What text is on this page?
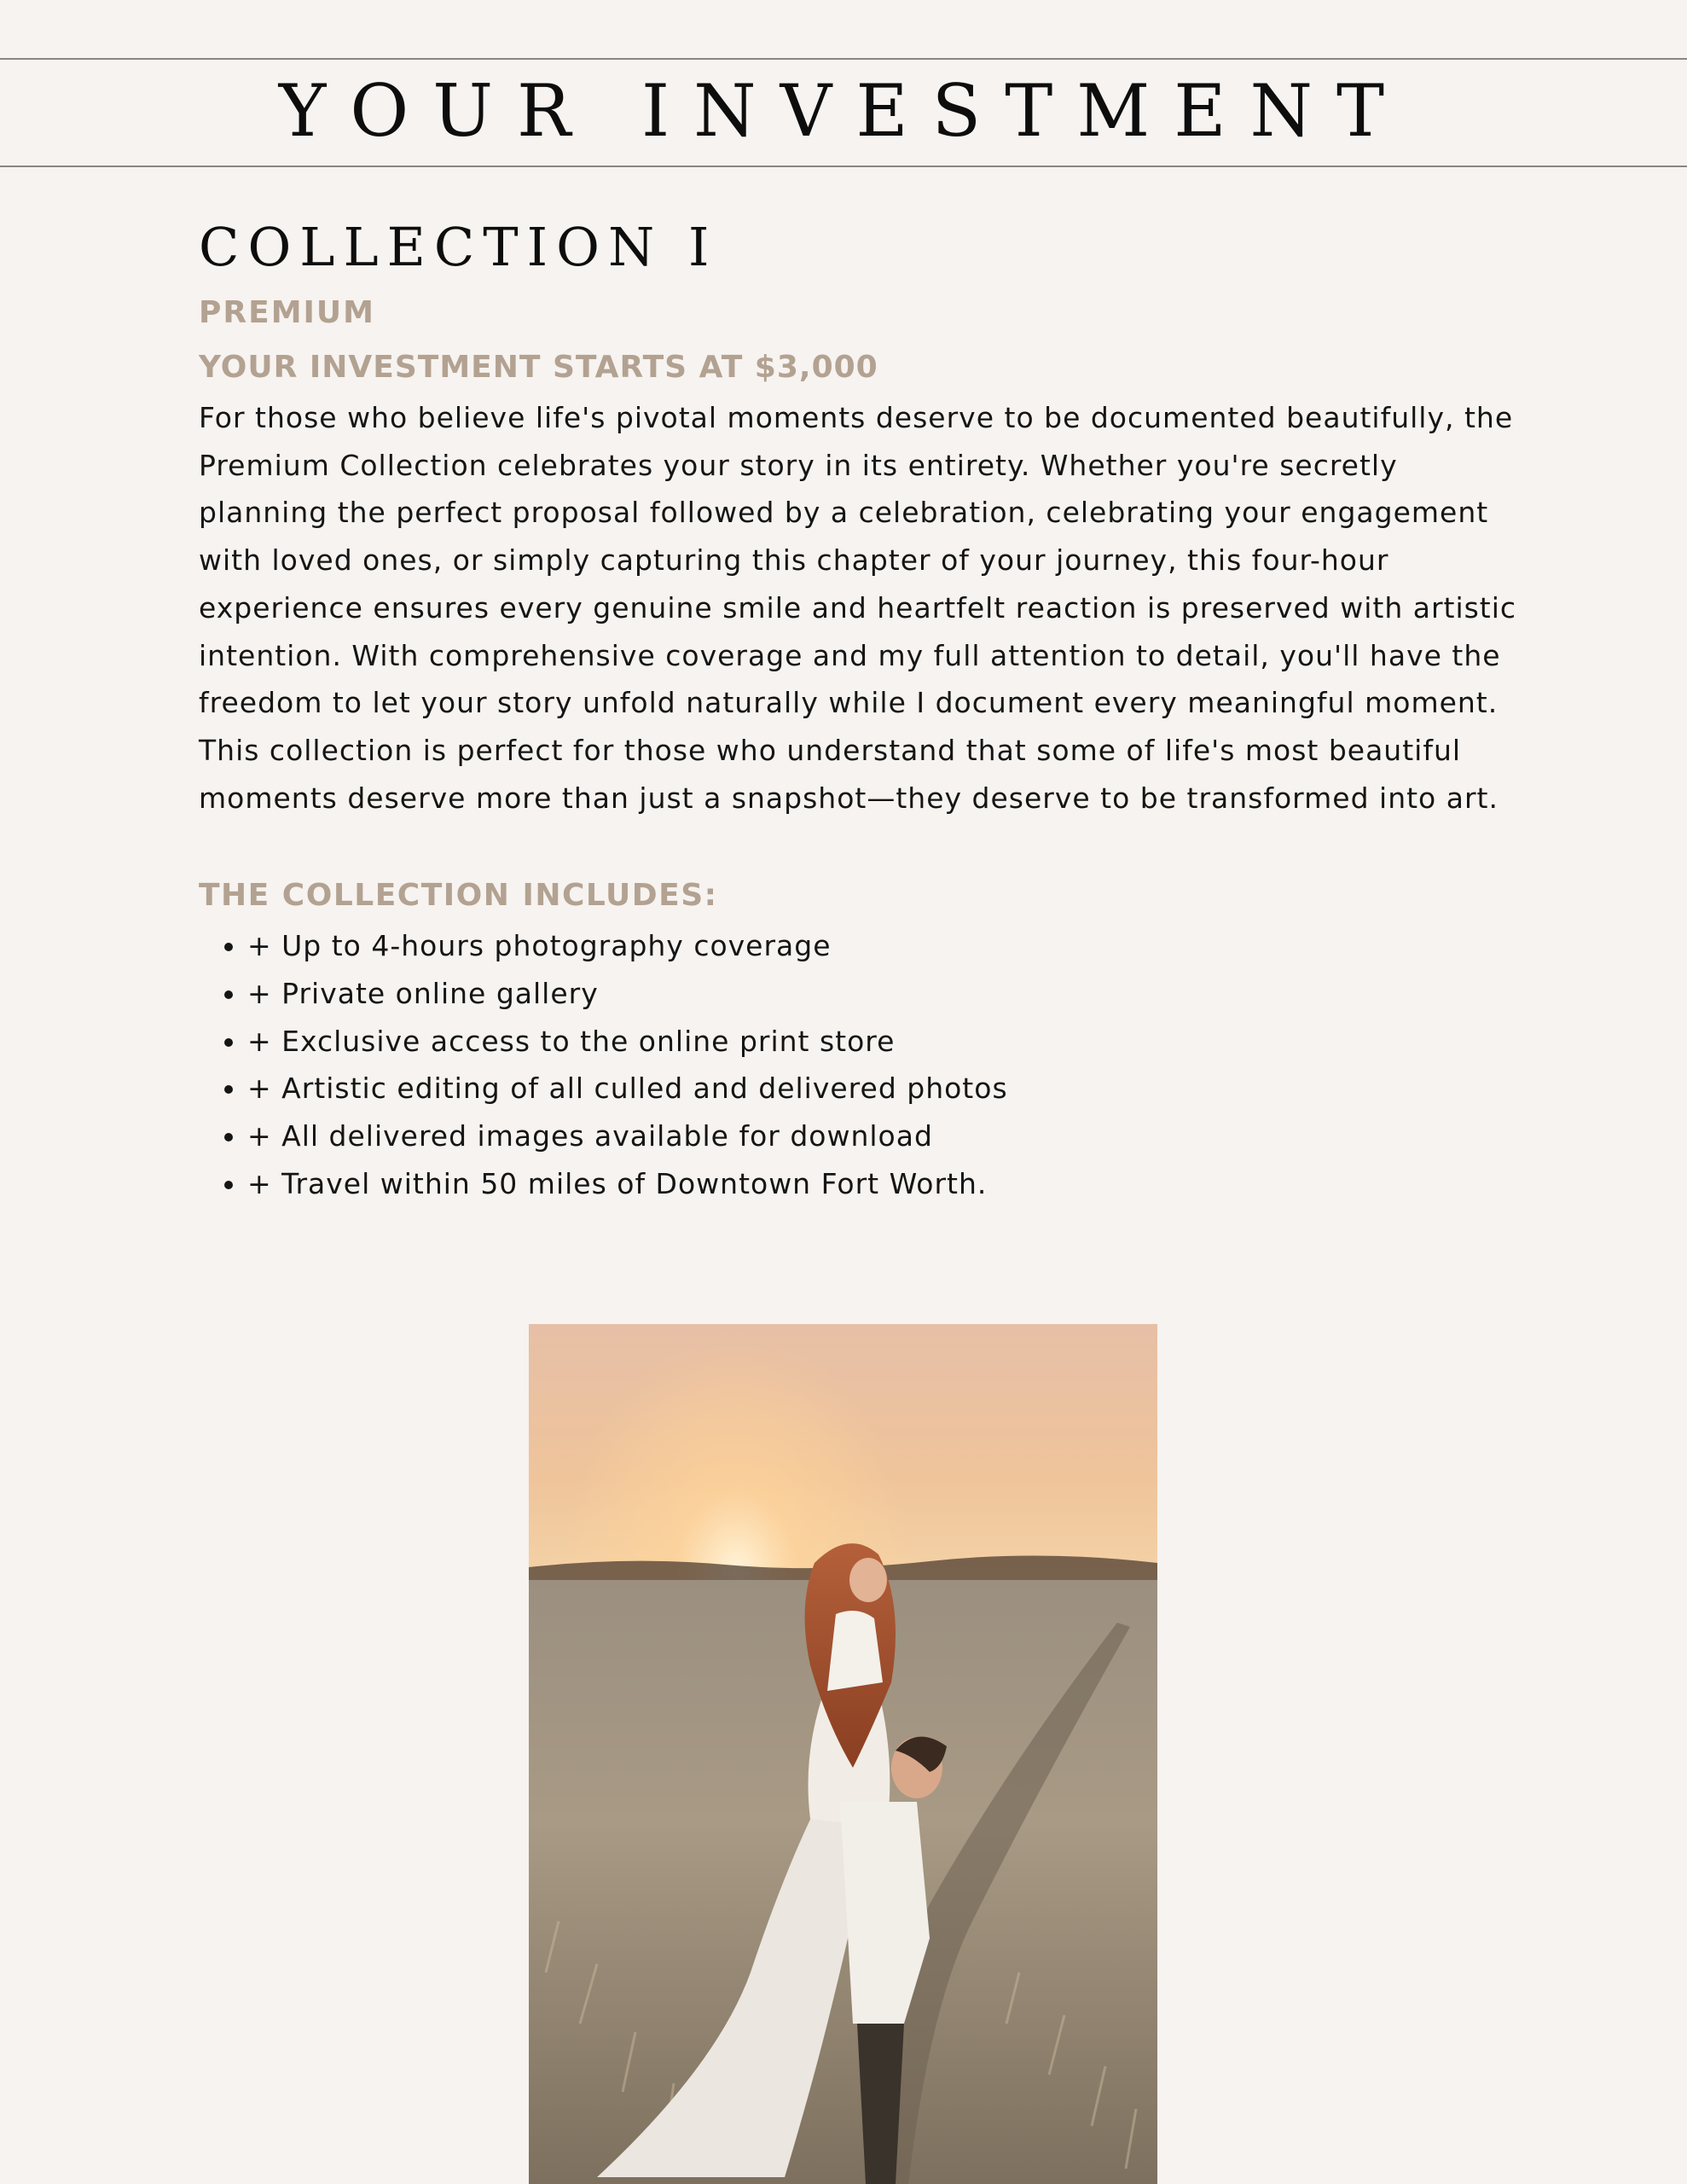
YOUR INVESTMENT
COLLECTION I
PREMIUM
YOUR INVESTMENT STARTS AT $3,000

For those who believe life's pivotal moments deserve to be documented beautifully, the Premium Collection celebrates your story in its entirety. Whether you're secretly planning the perfect proposal followed by a celebration, celebrating your engagement with loved ones, or simply capturing this chapter of your journey, this four-hour experience ensures every genuine smile and heartfelt reaction is preserved with artistic intention. With comprehensive coverage and my full attention to detail, you'll have the freedom to let your story unfold naturally while I document every meaningful moment. This collection is perfect for those who understand that some of life's most beautiful moments deserve more than just a snapshot—they deserve to be transformed into art.

THE COLLECTION INCLUDES:
• + Up to 4-hours photography coverage
• + Private online gallery
• + Exclusive access to the online print store
• + Artistic editing of all culled and delivered photos
• + All delivered images available for download
• + Travel within 50 miles of Downtown Fort Worth.
